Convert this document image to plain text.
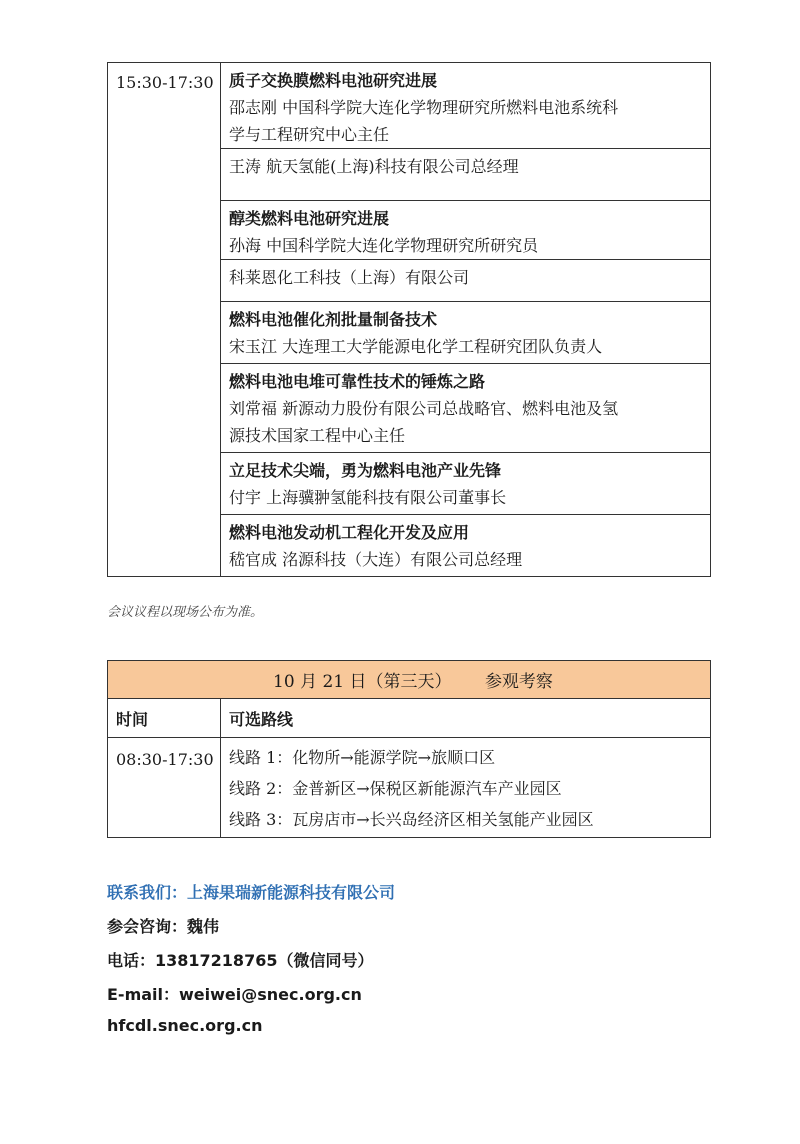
15:30-17:30	质子交换膜燃料电池研究进展
邵志刚 中国科学院大连化学物理研究所燃料电池系统科
学与工程研究中心主任
王涛 航天氢能(上海)科技有限公司总经理

醇类燃料电池研究进展
孙海 中国科学院大连化学物理研究所研究员
科莱恩化工科技（上海）有限公司

燃料电池催化剂批量制备技术
宋玉江 大连理工大学能源电化学工程研究团队负责人

燃料电池电堆可靠性技术的锤炼之路
刘常福 新源动力股份有限公司总战略官、燃料电池及氢
源技术国家工程中心主任

立足技术尖端，勇为燃料电池产业先锋
付宇 上海骥翀氢能科技有限公司董事长

燃料电池发动机工程化开发及应用
嵇官成 洺源科技（大连）有限公司总经理
会议议程以现场公布为准。
10 月 21 日（第三天） 参观考察	
时间	可选路线
08:30-17:30	线路 1：化物所→能源学院→旅顺口区
线路 2：金普新区→保税区新能源汽车产业园区
线路 3：瓦房店市→长兴岛经济区相关氢能产业园区
联系我们：上海果瑞新能源科技有限公司
参会咨询：魏伟
电话：13817218765（微信同号）
E-mail：weiwei@snec.org.cn
hfcdl.snec.org.cn
